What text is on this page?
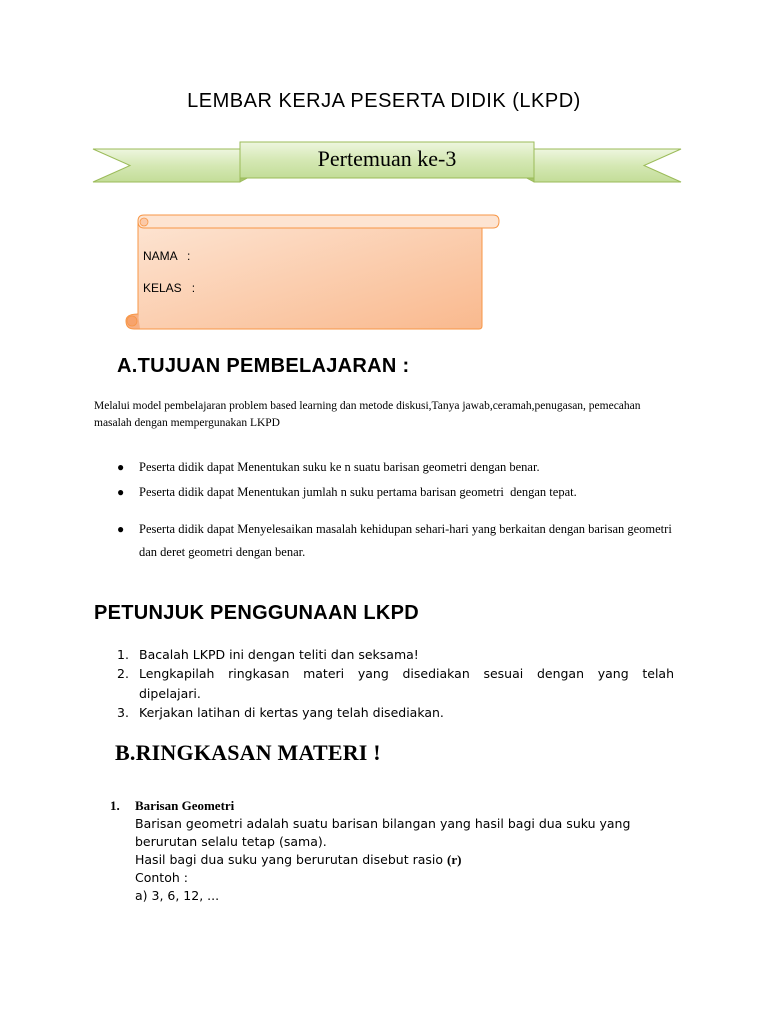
LEMBAR KERJA PESERTA DIDIK (LKPD)
Pertemuan ke-3
NAMA   :
KELAS   :
A.TUJUAN PEMBELAJARAN :
Melalui model pembelajaran problem based learning dan metode diskusi,Tanya jawab,ceramah,penugasan, pemecahan masalah dengan mempergunakan LKPD
● Peserta didik dapat Menentukan suku ke n suatu barisan geometri dengan benar.
● Peserta didik dapat Menentukan jumlah n suku pertama barisan geometri  dengan tepat.
● Peserta didik dapat Menyelesaikan masalah kehidupan sehari-hari yang berkaitan dengan barisan geometri dan deret geometri dengan benar.
PETUNJUK PENGGUNAAN LKPD
1. Bacalah LKPD ini dengan teliti dan seksama!
2. Lengkapilah ringkasan materi yang disediakan sesuai dengan yang telah
dipelajari.
3. Kerjakan latihan di kertas yang telah disediakan.
B.RINGKASAN MATERI !
1. Barisan Geometri
Barisan geometri adalah suatu barisan bilangan yang hasil bagi dua suku yang
berurutan selalu tetap (sama).
Hasil bagi dua suku yang berurutan disebut rasio (r)
Contoh :
a) 3, 6, 12, ...
